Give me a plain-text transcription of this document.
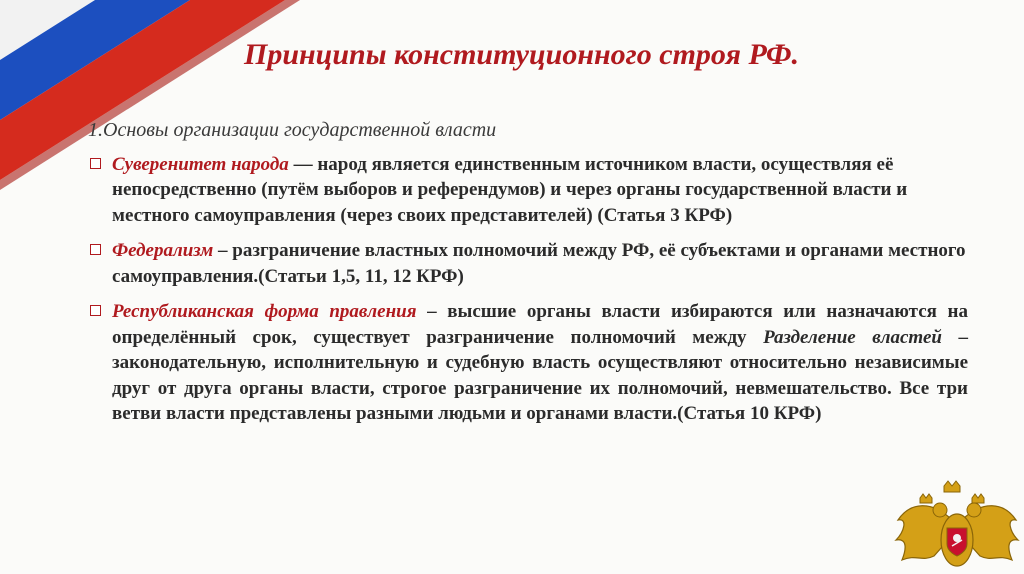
Принципы конституционного строя РФ.
1.Основы организации государственной власти
Суверенитет народа — народ является единственным источником власти, осуществляя её непосредственно (путём выборов и референдумов) и через органы государственной власти и местного самоуправления (через своих представителей) (Статья 3 КРФ)
Федерализм – разграничение властных полномочий между РФ, её субъектами и органами местного самоуправления.(Статьи 1,5, 11, 12 КРФ)
Республиканская форма правления – высшие органы власти избираются или назначаются на определённый срок, существует разграничение полномочий между Разделение властей – законодательную, исполнительную и судебную власть осуществляют относительно независимые друг от друга органы власти, строгое разграничение их полномочий, невмешательство. Все три ветви власти представлены разными людьми и органами власти.(Статья 10 КРФ)
